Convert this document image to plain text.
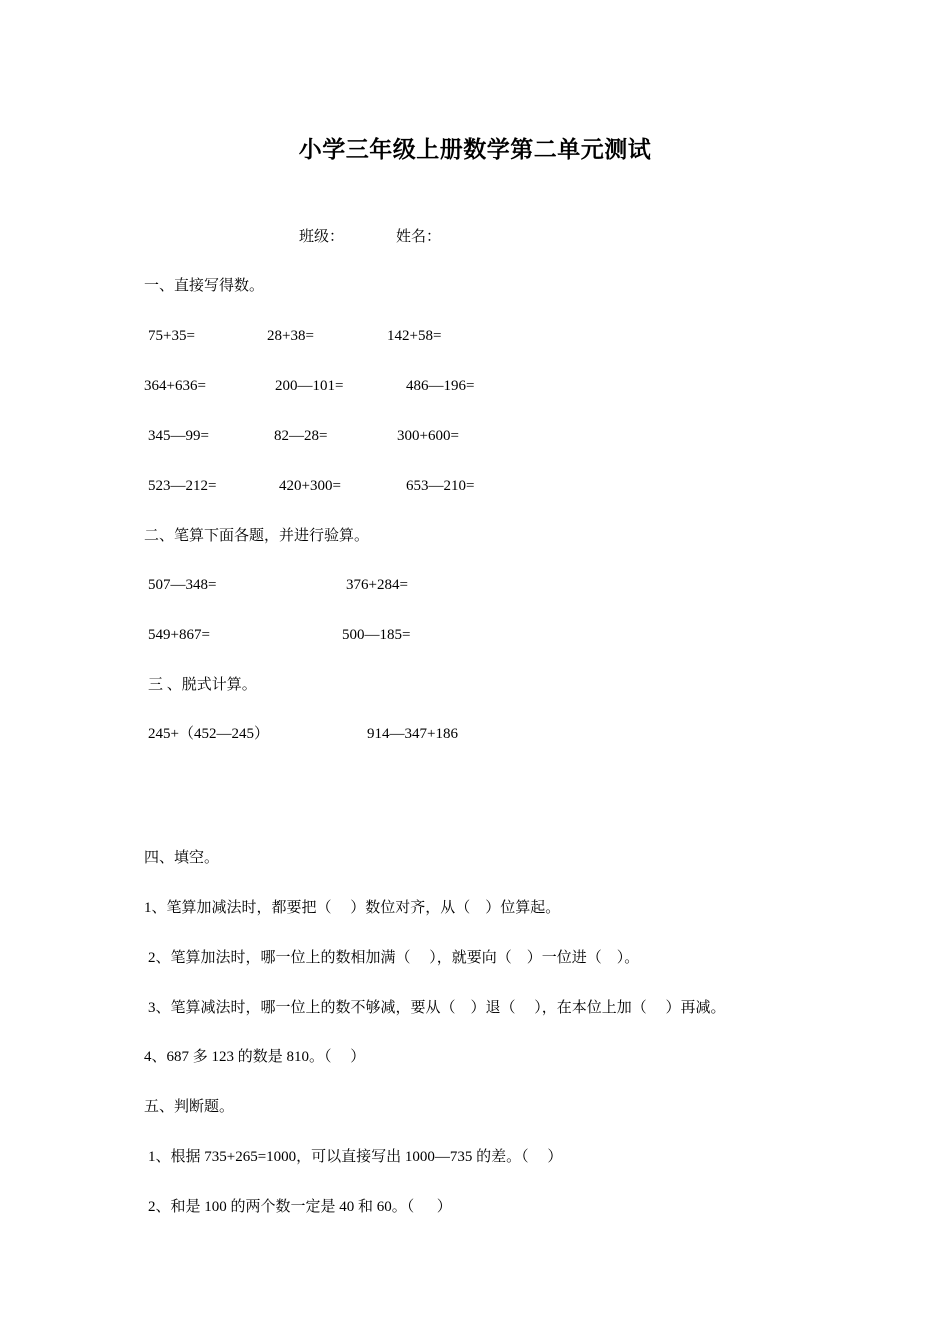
小学三年级上册数学第二单元测试
班级：	姓名：
一、直接写得数。
75+35=	28+38=	142+58=
364+636=	200—101=	486—196=
345—99=	82—28=	300+600=
523—212=	420+300=	653—210=
二、笔算下面各题，并进行验算。
507—348=	376+284=
549+867=	500—185=
三 、脱式计算。
245+（452—245）	914—347+186
四、填空。
1、笔算加减法时，都要把（     ）数位对齐，从（    ）位算起。
2、笔算加法时，哪一位上的数相加满（     ），就要向（    ）一位进（    ）。
3、笔算减法时，哪一位上的数不够减，要从（    ）退（     ），在本位上加（     ）再减。
4、687 多 123 的数是 810。（     ）
五、判断题。
1、根据 735+265=1000，可以直接写出 1000—735 的差。（     ）
2、和是 100 的两个数一定是 40 和 60。（      ）
